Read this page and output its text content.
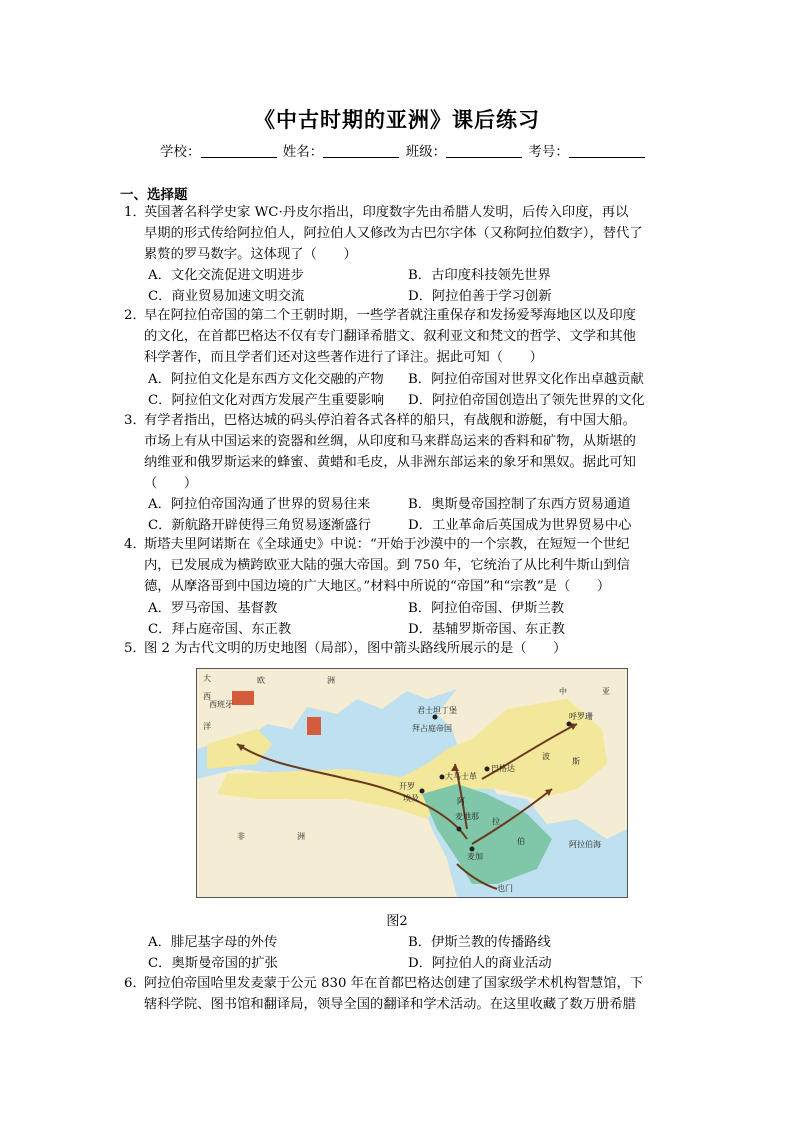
《中古时期的亚洲》课后练习
学校：	姓名：	班级：	考号：
一、选择题
1．
英国著名科学史家 WC·丹皮尔指出，印度数字先由希腊人发明，后传入印度，再以
早期的形式传给阿拉伯人，阿拉伯人又修改为古巴尔字体（又称阿拉伯数字），替代了
累赘的罗马数字。这体现了（　　）
A．文化交流促进文明进步	B．古印度科技领先世界
C．商业贸易加速文明交流	D．阿拉伯善于学习创新
2．
早在阿拉伯帝国的第二个王朝时期，一些学者就注重保存和发扬爱琴海地区以及印度
的文化，在首都巴格达不仅有专门翻译希腊文、叙利亚文和梵文的哲学、文学和其他
科学著作，而且学者们还对这些著作进行了译注。据此可知（　　）
A．阿拉伯文化是东西方文化交融的产物 B．阿拉伯帝国对世界文化作出卓越贡献
C．阿拉伯文化对西方发展产生重要影响 D．阿拉伯帝国创造出了领先世界的文化
3．
有学者指出，巴格达城的码头停泊着各式各样的船只，有战舰和游艇，有中国大船。
市场上有从中国运来的瓷器和丝绸，从印度和马来群岛运来的香料和矿物，从斯堪的
纳维亚和俄罗斯运来的蜂蜜、黄蜡和毛皮，从非洲东部运来的象牙和黑奴。据此可知
（　　）
A．阿拉伯帝国沟通了世界的贸易往来	B．奥斯曼帝国控制了东西方贸易通道
C．新航路开辟使得三角贸易逐渐盛行	D．工业革命后英国成为世界贸易中心
4．
斯塔夫里阿诺斯在《全球通史》中说：“开始于沙漠中的一个宗教，在短短一个世纪
内，已发展成为横跨欧亚大陆的强大帝国。到 750 年，它统治了从比利牛斯山到信
德，从摩洛哥到中国边境的广大地区。”材料中所说的“帝国”和“宗教”是（　　）
A．罗马帝国、基督教	B．阿拉伯帝国、伊斯兰教
C．拜占庭帝国、东正教	D．基辅罗斯帝国、东正教
5．
图 2 为古代文明的历史地图（局部），图中箭头路线所展示的是（　　）
欧	洲
西班牙
君士坦丁堡
拜占庭帝国
巴格达
大马士革
开罗
埃及
呼罗珊
波
斯
阿
拉
伯
麦地那
麦加
也门
非	洲
中	亚
阿拉伯海
大
西
洋
图2
A．腓尼基字母的外传	B．伊斯兰教的传播路线
C．奥斯曼帝国的扩张	D．阿拉伯人的商业活动
6．
阿拉伯帝国哈里发麦蒙于公元 830 年在首都巴格达创建了国家级学术机构智慧馆，下
辖科学院、图书馆和翻译局，领导全国的翻译和学术活动。在这里收藏了数万册希腊
